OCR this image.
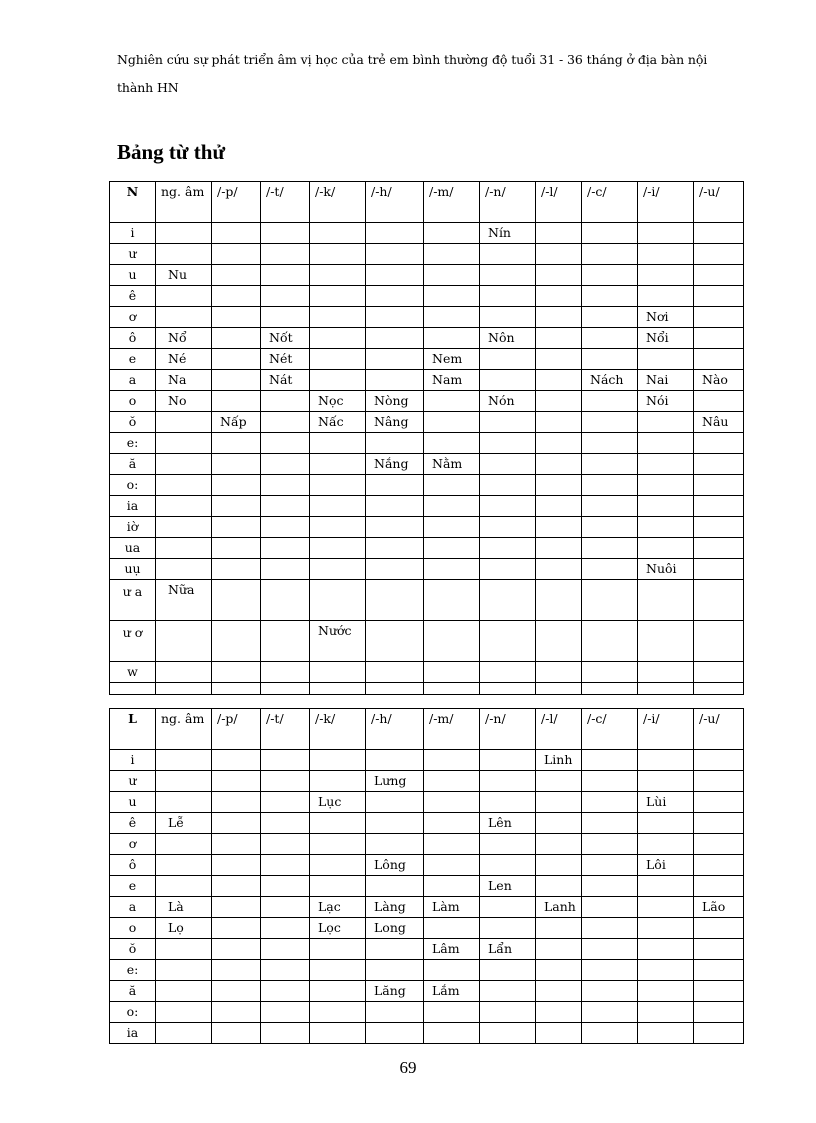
Nghiên cứu sự phát triển âm vị học của trẻ em bình thường độ tuổi 31 - 36 tháng ở địa bàn nội thành HN
Bảng từ thử
N	ng. âm	/-p/	/-t/	/-k/	/-h/	/-m/	/-n/	/-l/	/-c/	/-i/	/-u/
i							Nín				
ư											
u	Nu										
ê											
ơ										Nơi	
ô	Nổ		Nốt				Nôn			Nổi	
e	Né		Nét			Nem					
a	Na		Nát			Nam			Nách	Nai	Nào
o	No			Nọc	Nòng		Nón			Nói	
ŏ		Nấp		Nấc	Nâng						Nâu
e:											
ă					Nắng	Nằm					
o:											
ia											
iờ											
ua											
uụ										Nuôi	
ư a	Nữa										
ư ơ				Nước							
w											

L	ng. âm	/-p/	/-t/	/-k/	/-h/	/-m/	/-n/	/-l/	/-c/	/-i/	/-u/
i								Linh			
ư					Lưng						
u				Lục						Lùi	
ê	Lễ						Lên				
ơ											
ô					Lông					Lôi	
e							Len				
a	Là			Lạc	Làng	Làm		Lanh			Lão
o	Lọ			Lọc	Long						
ŏ						Lâm	Lẩn				
e:											
ă					Lăng	Lắm					
o:											
ia											
69
